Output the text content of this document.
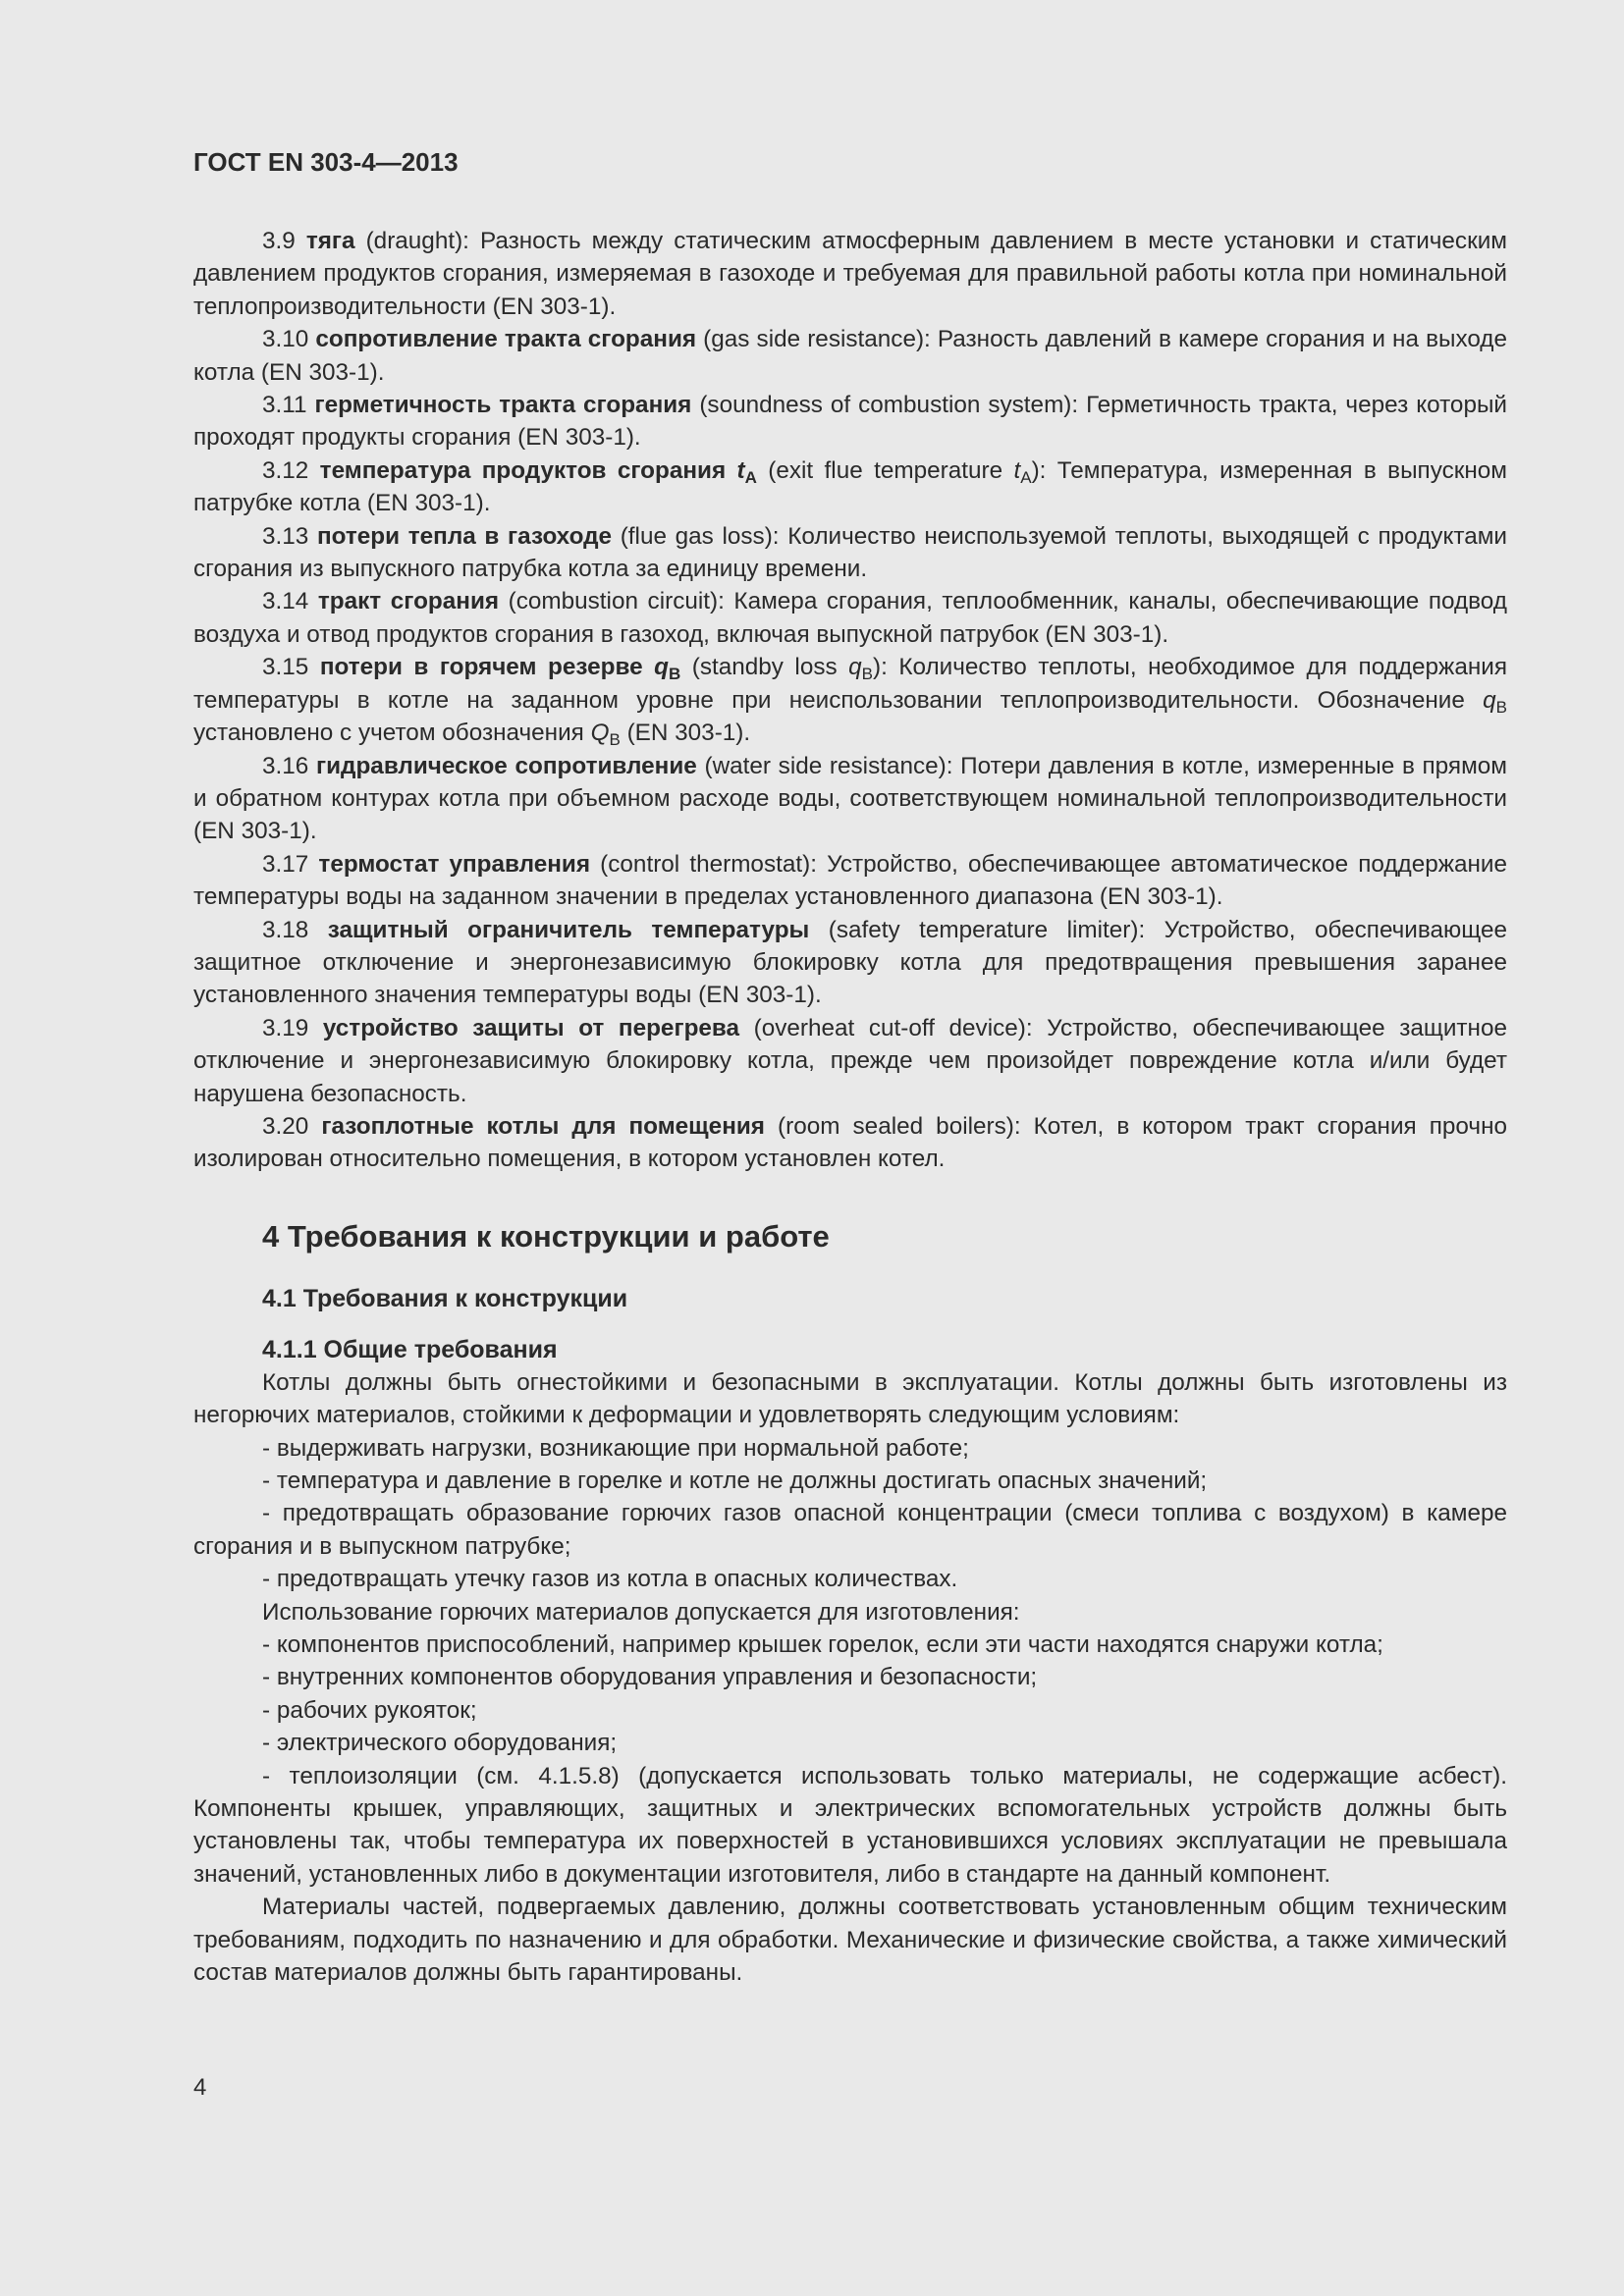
ГОСТ EN 303-4—2013

3.9 тяга (draught): Разность между статическим атмосферным давлением в месте установки и статическим давлением продуктов сгорания, измеряемая в газоходе и требуемая для правильной работы котла при номинальной теплопроизводительности (EN 303-1).

3.10 сопротивление тракта сгорания (gas side resistance): Разность давлений в камере сгорания и на выходе котла (EN 303-1).

3.11 герметичность тракта сгорания (soundness of combustion system): Герметичность тракта, через который проходят продукты сгорания (EN 303-1).

3.12 температура продуктов сгорания $t_A$ (exit flue temperature $t_A$): Температура, измеренная в выпускном патрубке котла (EN 303-1).

3.13 потери тепла в газоходе (flue gas loss): Количество неиспользуемой теплоты, выходящей с продуктами сгорания из выпускного патрубка котла за единицу времени.

3.14 тракт сгорания (combustion circuit): Камера сгорания, теплообменник, каналы, обеспечивающие подвод воздуха и отвод продуктов сгорания в газоход, включая выпускной патрубок (EN 303-1).

3.15 потери в горячем резерве $q_B$ (standby loss $q_B$): Количество теплоты, необходимое для поддержания температуры в котле на заданном уровне при неиспользовании теплопроизводительности. Обозначение $q_B$ установлено с учетом обозначения $Q_B$ (EN 303-1).

3.16 гидравлическое сопротивление (water side resistance): Потери давления в котле, измеренные в прямом и обратном контурах котла при объемном расходе воды, соответствующем номинальной теплопроизводительности (EN 303-1).

3.17 термостат управления (control thermostat): Устройство, обеспечивающее автоматическое поддержание температуры воды на заданном значении в пределах установленного диапазона (EN 303-1).

3.18 защитный ограничитель температуры (safety temperature limiter): Устройство, обеспечивающее защитное отключение и энергонезависимую блокировку котла для предотвращения превышения заранее установленного значения температуры воды (EN 303-1).

3.19 устройство защиты от перегрева (overheat cut-off device): Устройство, обеспечивающее защитное отключение и энергонезависимую блокировку котла, прежде чем произойдет повреждение котла и/или будет нарушена безопасность.

3.20 газоплотные котлы для помещения (room sealed boilers): Котел, в котором тракт сгорания прочно изолирован относительно помещения, в котором установлен котел.

4 Требования к конструкции и работе
4.1 Требования к конструкции
4.1.1 Общие требования

Котлы должны быть огнестойкими и безопасными в эксплуатации. Котлы должны быть изготовлены из негорючих материалов, стойкими к деформации и удовлетворять следующим условиям:

- выдерживать нагрузки, возникающие при нормальной работе;

- температура и давление в горелке и котле не должны достигать опасных значений;

- предотвращать образование горючих газов опасной концентрации (смеси топлива с воздухом) в камере сгорания и в выпускном патрубке;

- предотвращать утечку газов из котла в опасных количествах.

Использование горючих материалов допускается для изготовления:

- компонентов приспособлений, например крышек горелок, если эти части находятся снаружи котла;

- внутренних компонентов оборудования управления и безопасности;

- рабочих рукояток;

- электрического оборудования;

- теплоизоляции (см. 4.1.5.8) (допускается использовать только материалы, не содержащие асбест). Компоненты крышек, управляющих, защитных и электрических вспомогательных устройств должны быть установлены так, чтобы температура их поверхностей в установившихся условиях эксплуатации не превышала значений, установленных либо в документации изготовителя, либо в стандарте на данный компонент.

Материалы частей, подвергаемых давлению, должны соответствовать установленным общим техническим требованиям, подходить по назначению и для обработки. Механические и физические свойства, а также химический состав материалов должны быть гарантированы.

4
